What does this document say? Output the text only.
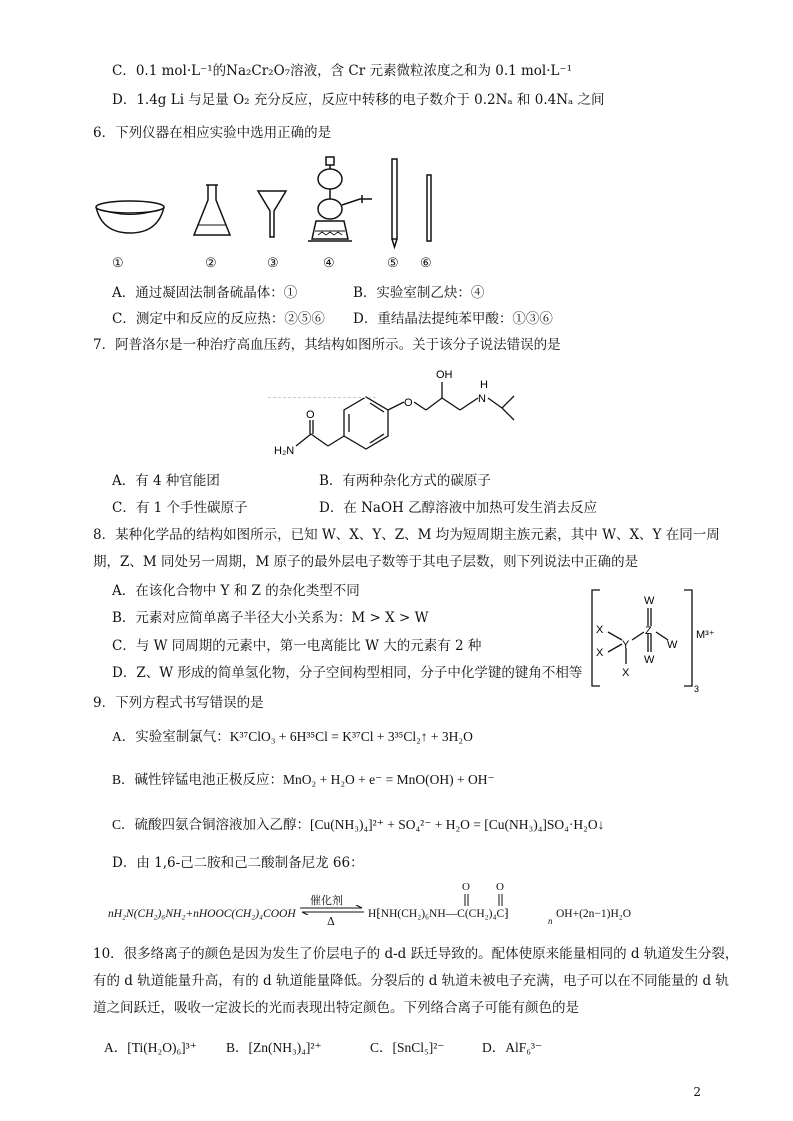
C．0.1 mol·L⁻¹的Na₂Cr₂O₇溶液，含 Cr 元素微粒浓度之和为 0.1 mol·L⁻¹
D．1.4g Li 与足量 O₂ 充分反应，反应中转移的电子数介于 0.2Nₐ 和 0.4Nₐ 之间
6．下列仪器在相应实验中选用正确的是
①	②	③	④	⑤ ⑥
A．通过凝固法制备硫晶体：①	B．实验室制乙炔：④
C．测定中和反应的反应热：②⑤⑥ D．重结晶法提纯苯甲酸：①③⑥
7．阿普洛尔是一种治疗高血压药，其结构如图所示。关于该分子说法错误的是
O
H₂N
O
OH
N
H
A．有 4 种官能团	B．有两种杂化方式的碳原子
C．有 1 个手性碳原子	D．在 NaOH 乙醇溶液中加热可发生消去反应
8．某种化学品的结构如图所示，已知 W、X、Y、Z、M 均为短周期主族元素，其中 W、X、Y 在同一周
期，Z、M 同处另一周期，M 原子的最外层电子数等于其电子层数，则下列说法中正确的是
A．在该化合物中 Y 和 Z 的杂化类型不同
B．元素对应简单离子半径大小关系为：M > X > W
C．与 W 同周期的元素中，第一电离能比 W 大的元素有 2 种
D．Z、W 形成的简单氢化物，分子空间构型相同，分子中化学键的键角不相等
X
X
Y
X
Z
W
W
W
M³⁺
3
9．下列方程式书写错误的是
A．实验室制氯气：K³⁷ClO₃ + 6H³⁵Cl = K³⁷Cl + 3³⁵Cl₂↑ + 3H₂O
B．碱性锌锰电池正极反应：MnO₂ + H₂O + e⁻ = MnO(OH) + OH⁻
C．硫酸四氨合铜溶液加入乙醇：[Cu(NH₃)₄]²⁺ + SO₄²⁻ + H₂O = [Cu(NH₃)₄]SO₄·H₂O↓
D．由 1,6-己二胺和己二酸制备尼龙 66：
nH₂N(CH₂)₆NH₂+nHOOC(CH₂)₄COOH
催化剂
Δ
H⁅NH(CH₂)₆NH—C(CH₂)₄C⁆
n
OH+(2n−1)H₂O
O O
10．很多络离子的颜色是因为发生了价层电子的 d-d 跃迁导致的。配体使原来能量相同的 d 轨道发生分裂，
有的 d 轨道能量升高，有的 d 轨道能量降低。分裂后的 d 轨道未被电子充满，电子可以在不同能量的 d 轨
道之间跃迁，吸收一定波长的光而表现出特定颜色。下列络合离子可能有颜色的是
A．[Ti(H₂O)₆]³⁺ B．[Zn(NH₃)₄]²⁺	C．[SnCl₅]²⁻	D．AlF₆³⁻
2
